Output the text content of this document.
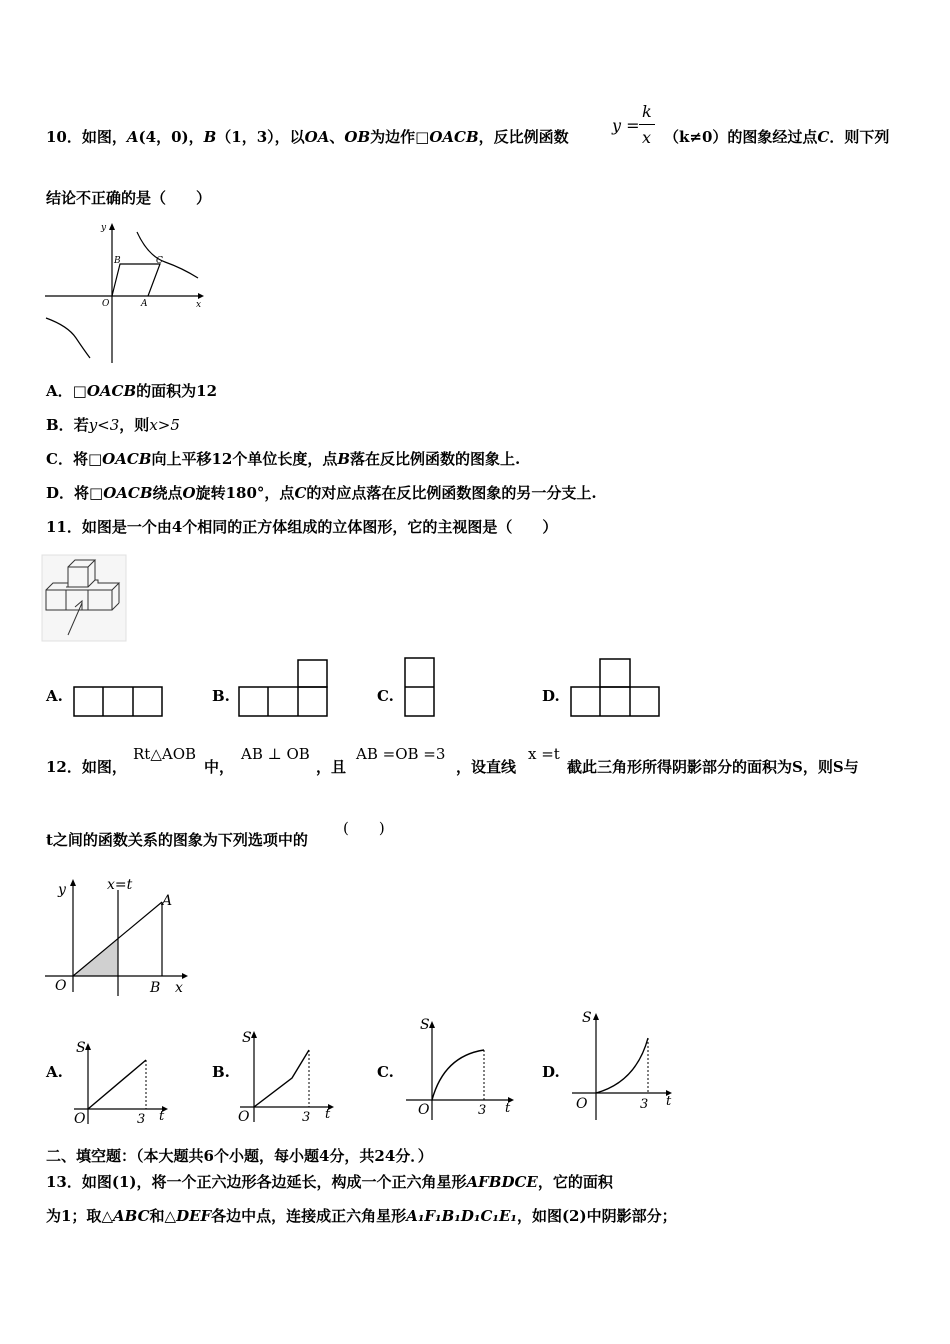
10．如图，A(4，0)，B（1，3），以OA、OB为边作□OACB，反比例函数
y =
k
x （k≠0）的图象经过点C．则下列
结论不正确的是（　　）
y
x
O	A
B	C
A．□OACB的面积为12
B．若y<3，则x>5
C．将□OACB向上平移12个单位长度，点B落在反比例函数的图象上.
D．将□OACB绕点O旋转180°，点C的对应点落在反比例函数图象的另一分支上.
11．如图是一个由4个相同的正方体组成的立体图形，它的主视图是（　　）
A.	B.	C.	D.
12．如图，
Rt△AOB
中，
AB ⊥ OB
，且
AB =OB =3
，设直线
x =t
截此三角形所得阴影部分的面积为S，则S与
t之间的函数关系的图象为下列选项中的
(　　)
y	x=t
A
O	B x
A.
S
O	3 t
B.
S
O	3 t
C.
S
O	3 t
D.
S
O	3 t
二、填空题：（本大题共6个小题，每小题4分，共24分．）
13．如图(1)，将一个正六边形各边延长，构成一个正六角星形AFBDCE，它的面积
为1；取△ABC和△DEF各边中点，连接成正六角星形A₁F₁B₁D₁C₁E₁，如图(2)中阴影部分；
